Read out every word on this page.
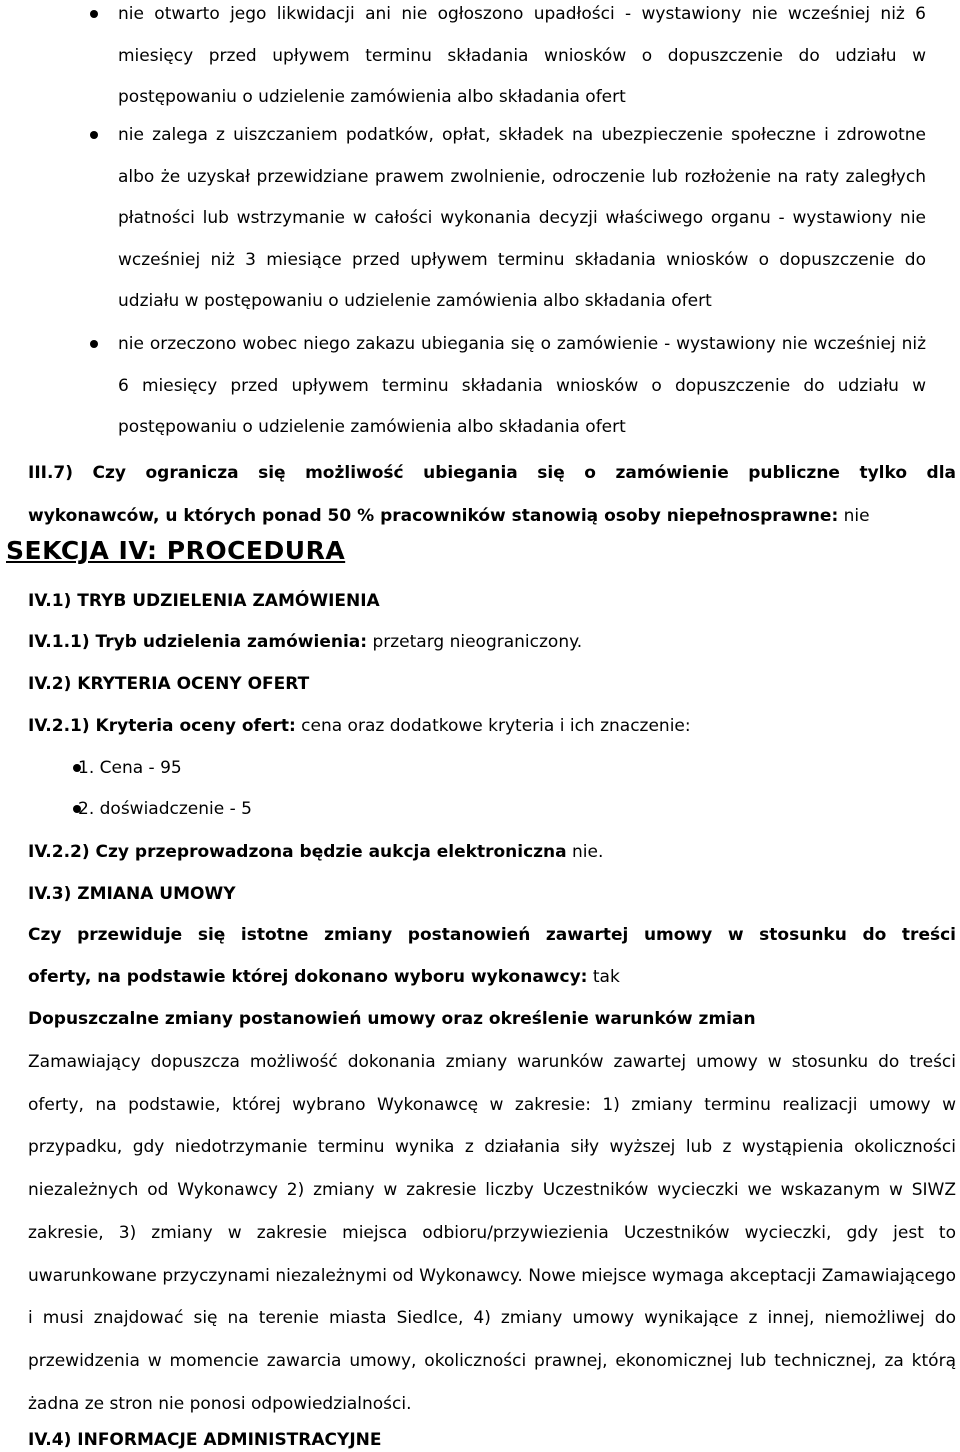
nie otwarto jego likwidacji ani nie ogłoszono upadłości - wystawiony nie wcześniej niż 6 miesięcy przed upływem terminu składania wniosków o dopuszczenie do udziału w postępowaniu o udzielenie zamówienia albo składania ofert
nie zalega z uiszczaniem podatków, opłat, składek na ubezpieczenie społeczne i zdrowotne albo że uzyskał przewidziane prawem zwolnienie, odroczenie lub rozłożenie na raty zaległych płatności lub wstrzymanie w całości wykonania decyzji właściwego organu - wystawiony nie wcześniej niż 3 miesiące przed upływem terminu składania wniosków o dopuszczenie do udziału w postępowaniu o udzielenie zamówienia albo składania ofert
nie orzeczono wobec niego zakazu ubiegania się o zamówienie - wystawiony nie wcześniej niż 6 miesięcy przed upływem terminu składania wniosków o dopuszczenie do udziału w postępowaniu o udzielenie zamówienia albo składania ofert
III.7) Czy ogranicza się możliwość ubiegania się o zamówienie publiczne tylko dla
wykonawców, u których ponad 50 % pracowników stanowią osoby niepełnosprawne: nie
SEKCJA IV: PROCEDURA
IV.1) TRYB UDZIELENIA ZAMÓWIENIA
IV.1.1) Tryb udzielenia zamówienia: przetarg nieograniczony.
IV.2) KRYTERIA OCENY OFERT
IV.2.1) Kryteria oceny ofert: cena oraz dodatkowe kryteria i ich znaczenie:
1. Cena - 95
2. doświadczenie - 5
IV.2.2) Czy przeprowadzona będzie aukcja elektroniczna nie.
IV.3) ZMIANA UMOWY
Czy przewiduje się istotne zmiany postanowień zawartej umowy w stosunku do treści
oferty, na podstawie której dokonano wyboru wykonawcy: tak
Dopuszczalne zmiany postanowień umowy oraz określenie warunków zmian
Zamawiający dopuszcza możliwość dokonania zmiany warunków zawartej umowy w stosunku do treści oferty, na podstawie, której wybrano Wykonawcę w zakresie: 1) zmiany terminu realizacji umowy w przypadku, gdy niedotrzymanie terminu wynika z działania siły wyższej lub z wystąpienia okoliczności niezależnych od Wykonawcy 2) zmiany w zakresie liczby Uczestników wycieczki we wskazanym w SIWZ zakresie, 3) zmiany w zakresie miejsca odbioru/przywiezienia Uczestników wycieczki, gdy jest to uwarunkowane przyczynami niezależnymi od Wykonawcy. Nowe miejsce wymaga akceptacji Zamawiającego i musi znajdować się na terenie miasta Siedlce, 4) zmiany umowy wynikające z innej, niemożliwej do przewidzenia w momencie zawarcia umowy, okoliczności prawnej, ekonomicznej lub technicznej, za którą żadna ze stron nie ponosi odpowiedzialności.
IV.4) INFORMACJE ADMINISTRACYJNE
